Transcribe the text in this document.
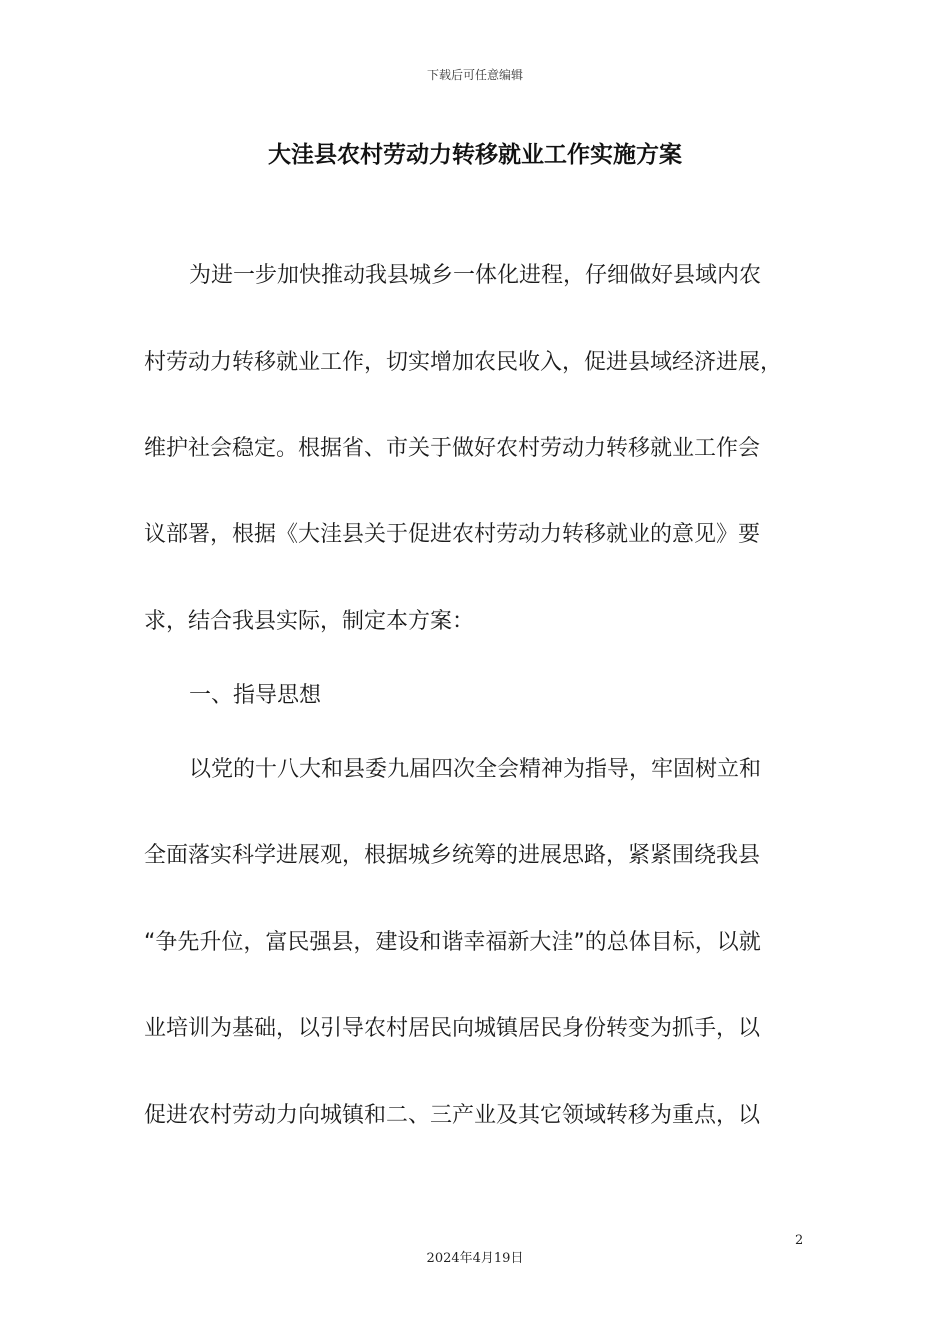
下载后可任意编辑
大洼县农村劳动力转移就业工作实施方案
为进一步加快推动我县城乡一体化进程，仔细做好县域内农
村劳动力转移就业工作，切实增加农民收入，促进县域经济进展，
维护社会稳定。根据省、市关于做好农村劳动力转移就业工作会
议部署，根据《大洼县关于促进农村劳动力转移就业的意见》要
求，结合我县实际，制定本方案：
一、指导思想
以党的十八大和县委九届四次全会精神为指导，牢固树立和
全面落实科学进展观，根据城乡统筹的进展思路，紧紧围绕我县
“争先升位，富民强县，建设和谐幸福新大洼”的总体目标，以就
业培训为基础，以引导农村居民向城镇居民身份转变为抓手，以
促进农村劳动力向城镇和二、三产业及其它领域转移为重点，以
2
2024年4月19日
